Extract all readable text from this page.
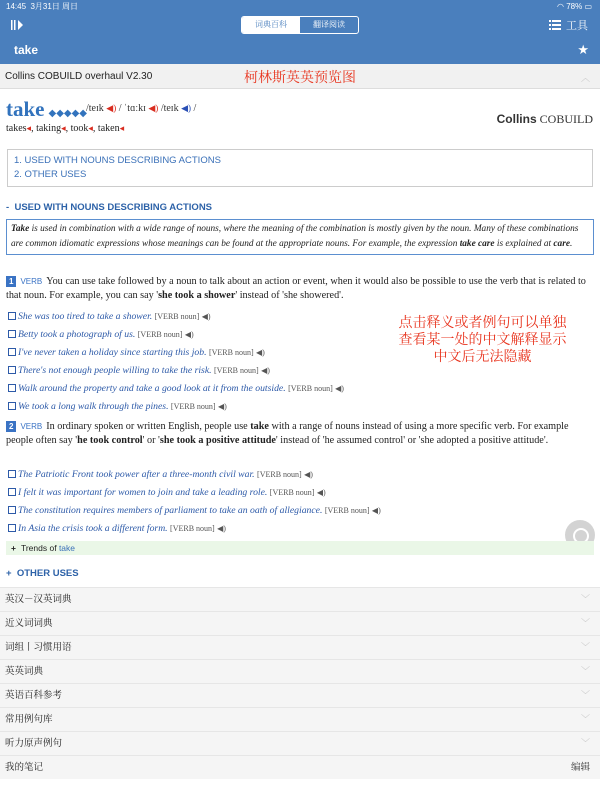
14:45 3月31日 周日	◠ 78% ▭
词典百科	翻译阅读	工具
take	★
Collins COBUILD overhaul V2.30	柯林斯英英预览图	︿
take ◆◆◆◆◆ /teɪk ◀) / ˈtɑːkɪ ◀) /teɪk ◀) /
takes◂, taking◂, took◂, taken◂
Collins COBUILD
1. USED WITH NOUNS DESCRIBING ACTIONS
2. OTHER USES
-  USED WITH NOUNS DESCRIBING ACTIONS
Take is used in combination with a wide range of nouns, where the meaning of the combination is mostly given by the noun. Many of these combinations are common idiomatic expressions whose meanings can be found at the appropriate nouns. For example, the expression take care is explained at care.
1 VERB You can use take followed by a noun to talk about an action or event, when it would also be possible to use the verb that is related to that noun. For example, you can say 'she took a shower' instead of 'she showered'.
She was too tired to take a shower. [VERB noun] ◀)
Betty took a photograph of us. [VERB noun] ◀)
I've never taken a holiday since starting this job. [VERB noun] ◀)
There's not enough people willing to take the risk. [VERB noun] ◀)
Walk around the property and take a good look at it from the outside. [VERB noun] ◀)
We took a long walk through the pines. [VERB noun] ◀)
点击释义或者例句可以单独查看某一处的中文解释显示中文后无法隐藏
2 VERB In ordinary spoken or written English, people use take with a range of nouns instead of using a more specific verb. For example people often say 'he took control' or 'she took a positive attitude' instead of 'he assumed control' or 'she adopted a positive attitude'.
The Patriotic Front took power after a three-month civil war. [VERB noun] ◀)
I felt it was important for women to join and take a leading role. [VERB noun] ◀)
The constitution requires members of parliament to take an oath of allegiance. [VERB noun] ◀)
In Asia the crisis took a different form. [VERB noun] ◀)
+ Trends of take
+  OTHER USES
英汉－汉英词典	﹀
近义词词典	﹀
词组丨习惯用语	﹀
英英词典	﹀
英语百科参考	﹀
常用例句库	﹀
听力原声例句	﹀
我的笔记	编辑
